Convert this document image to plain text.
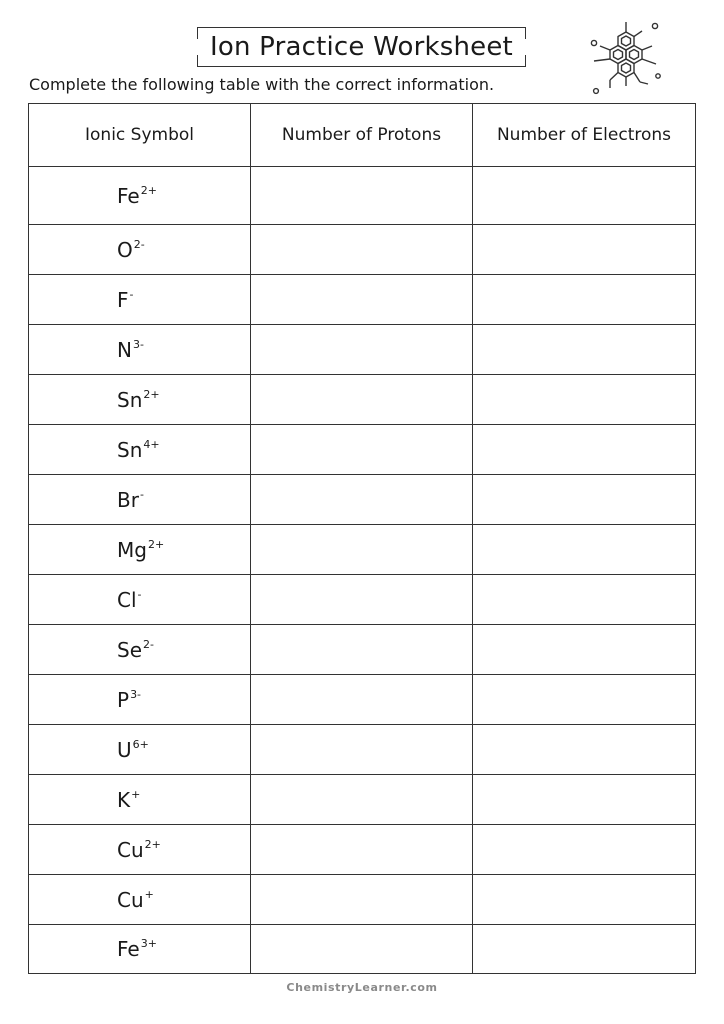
Ion Practice Worksheet
Complete the following table with the correct information.
Ionic Symbol	Number of Protons	Number of Electrons
$Fe^{2+}$		
$O^{2-}$		
F-		
$N^{3-}$		
$Sn^{2+}$		
$Sn^{4+}$		
Br-		
$Mg^{2+}$		
Cl-		
$Se^{2-}$		
$P^{3-}$		
$U^{6+}$		
K+		
$Cu^{2+}$		
Cu+		
$Fe^{3+}$		
ChemistryLearner.com
